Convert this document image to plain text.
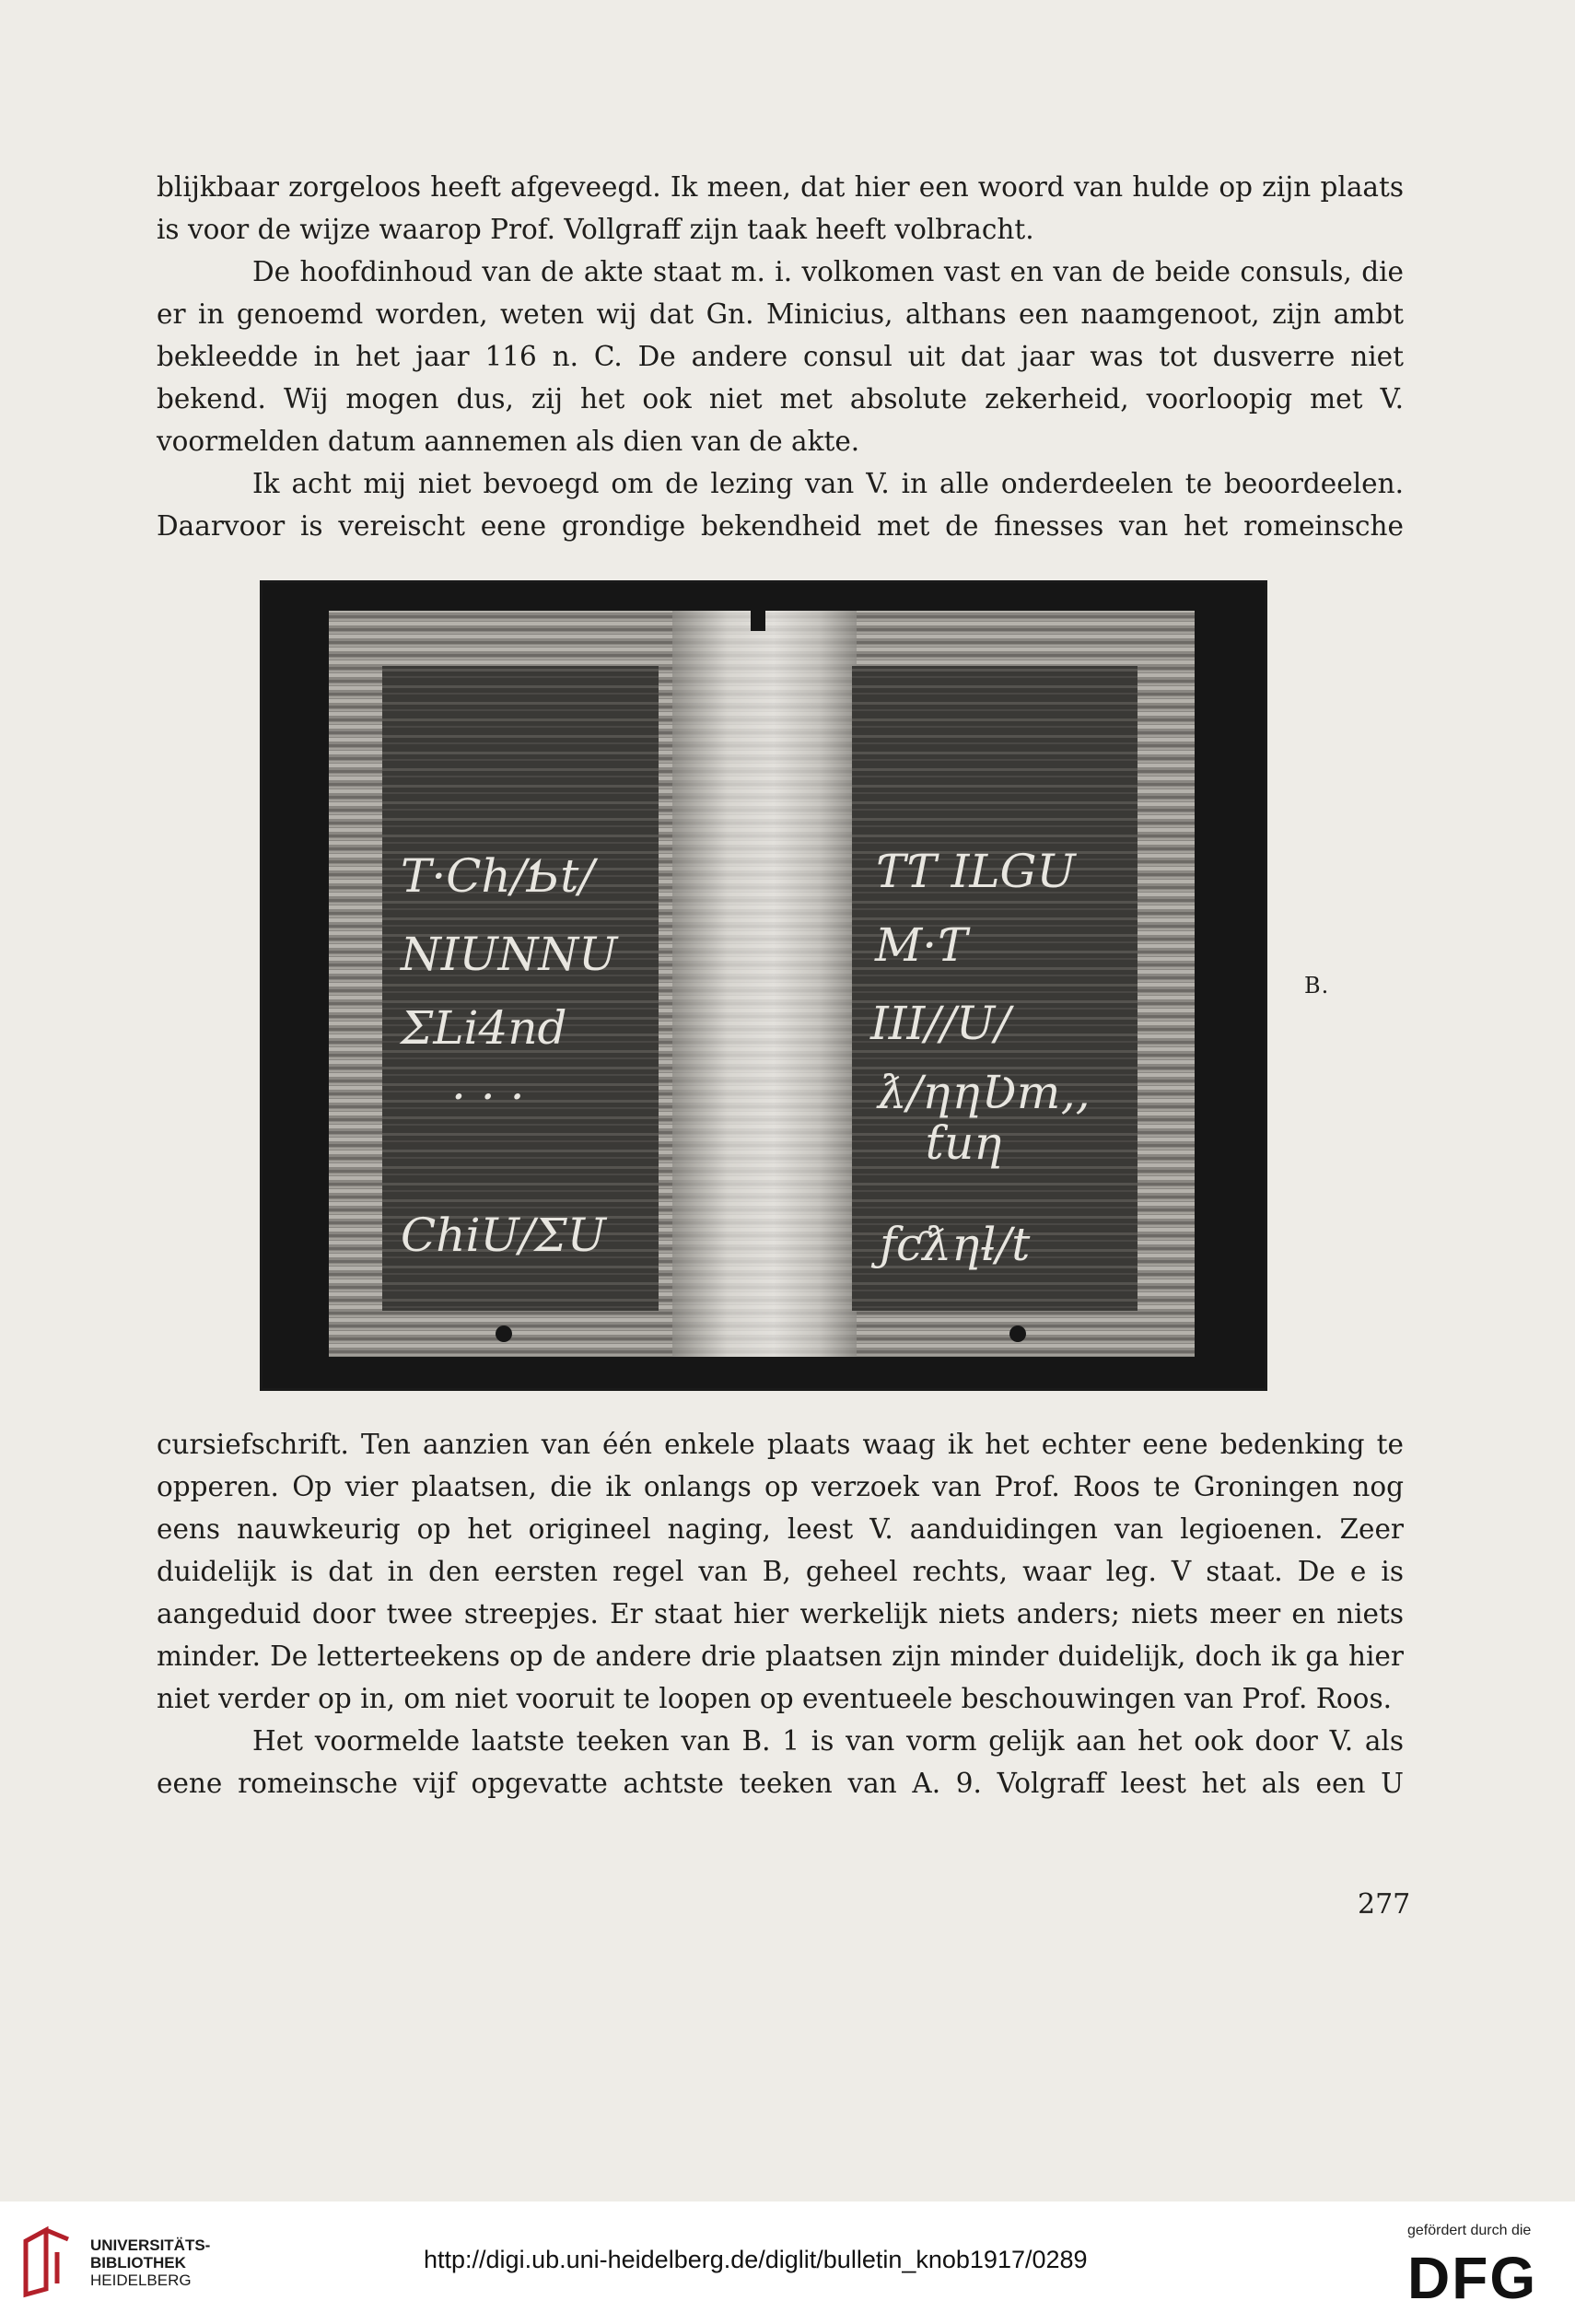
blijkbaar zorgeloos heeft afgeveegd. Ik meen, dat hier een woord van hulde op zijn plaats is voor de wijze waarop Prof. Vollgraff zijn taak heeft volbracht.

De hoofdinhoud van de akte staat m. i. volkomen vast en van de beide consuls, die er in genoemd worden, weten wij dat Gn. Minicius, althans een naamgenoot, zijn ambt bekleedde in het jaar 116 n. C. De andere consul uit dat jaar was tot dusverre niet bekend. Wij mogen dus, zij het ook niet met absolute zekerheid, voorloopig met V. voormelden datum aannemen als dien van de akte.

Ik acht mij niet bevoegd om de lezing van V. in alle onderdeelen te beoordeelen. Daarvoor is vereischt eene grondige bekendheid met de finesses van het romeinsche

T·Ch/Ƅt/
NIUNNU
ƩLi4nd
. . .
ChiU/ƩU
ƬƬ ILGU
M·Ƭ
III//U/
ƛ/ƞƞƲm‚‚
ƭuƞ
ƒƈƛƞƚ/t
B.

cursiefschrift. Ten aanzien van één enkele plaats waag ik het echter eene bedenking te opperen. Op vier plaatsen, die ik onlangs op verzoek van Prof. Roos te Groningen nog eens nauwkeurig op het origineel naging, leest V. aanduidingen van legioenen. Zeer duidelijk is dat in den eersten regel van B, geheel rechts, waar leg. V staat. De e is aangeduid door twee streepjes. Er staat hier werkelijk niets anders; niets meer en niets minder. De letterteekens op de andere drie plaatsen zijn minder duidelijk, doch ik ga hier niet verder op in, om niet vooruit te loopen op eventueele beschouwingen van Prof. Roos.

Het voormelde laatste teeken van B. 1 is van vorm gelijk aan het ook door V. als eene romeinsche vijf opgevatte achtste teeken van A. 9. Volgraff leest het als een U

277
UNIVERSITÄTS-
BIBLIOTHEK
HEIDELBERG
http://digi.ub.uni-heidelberg.de/diglit/bulletin_knob1917/0289
gefördert durch die
DFG
